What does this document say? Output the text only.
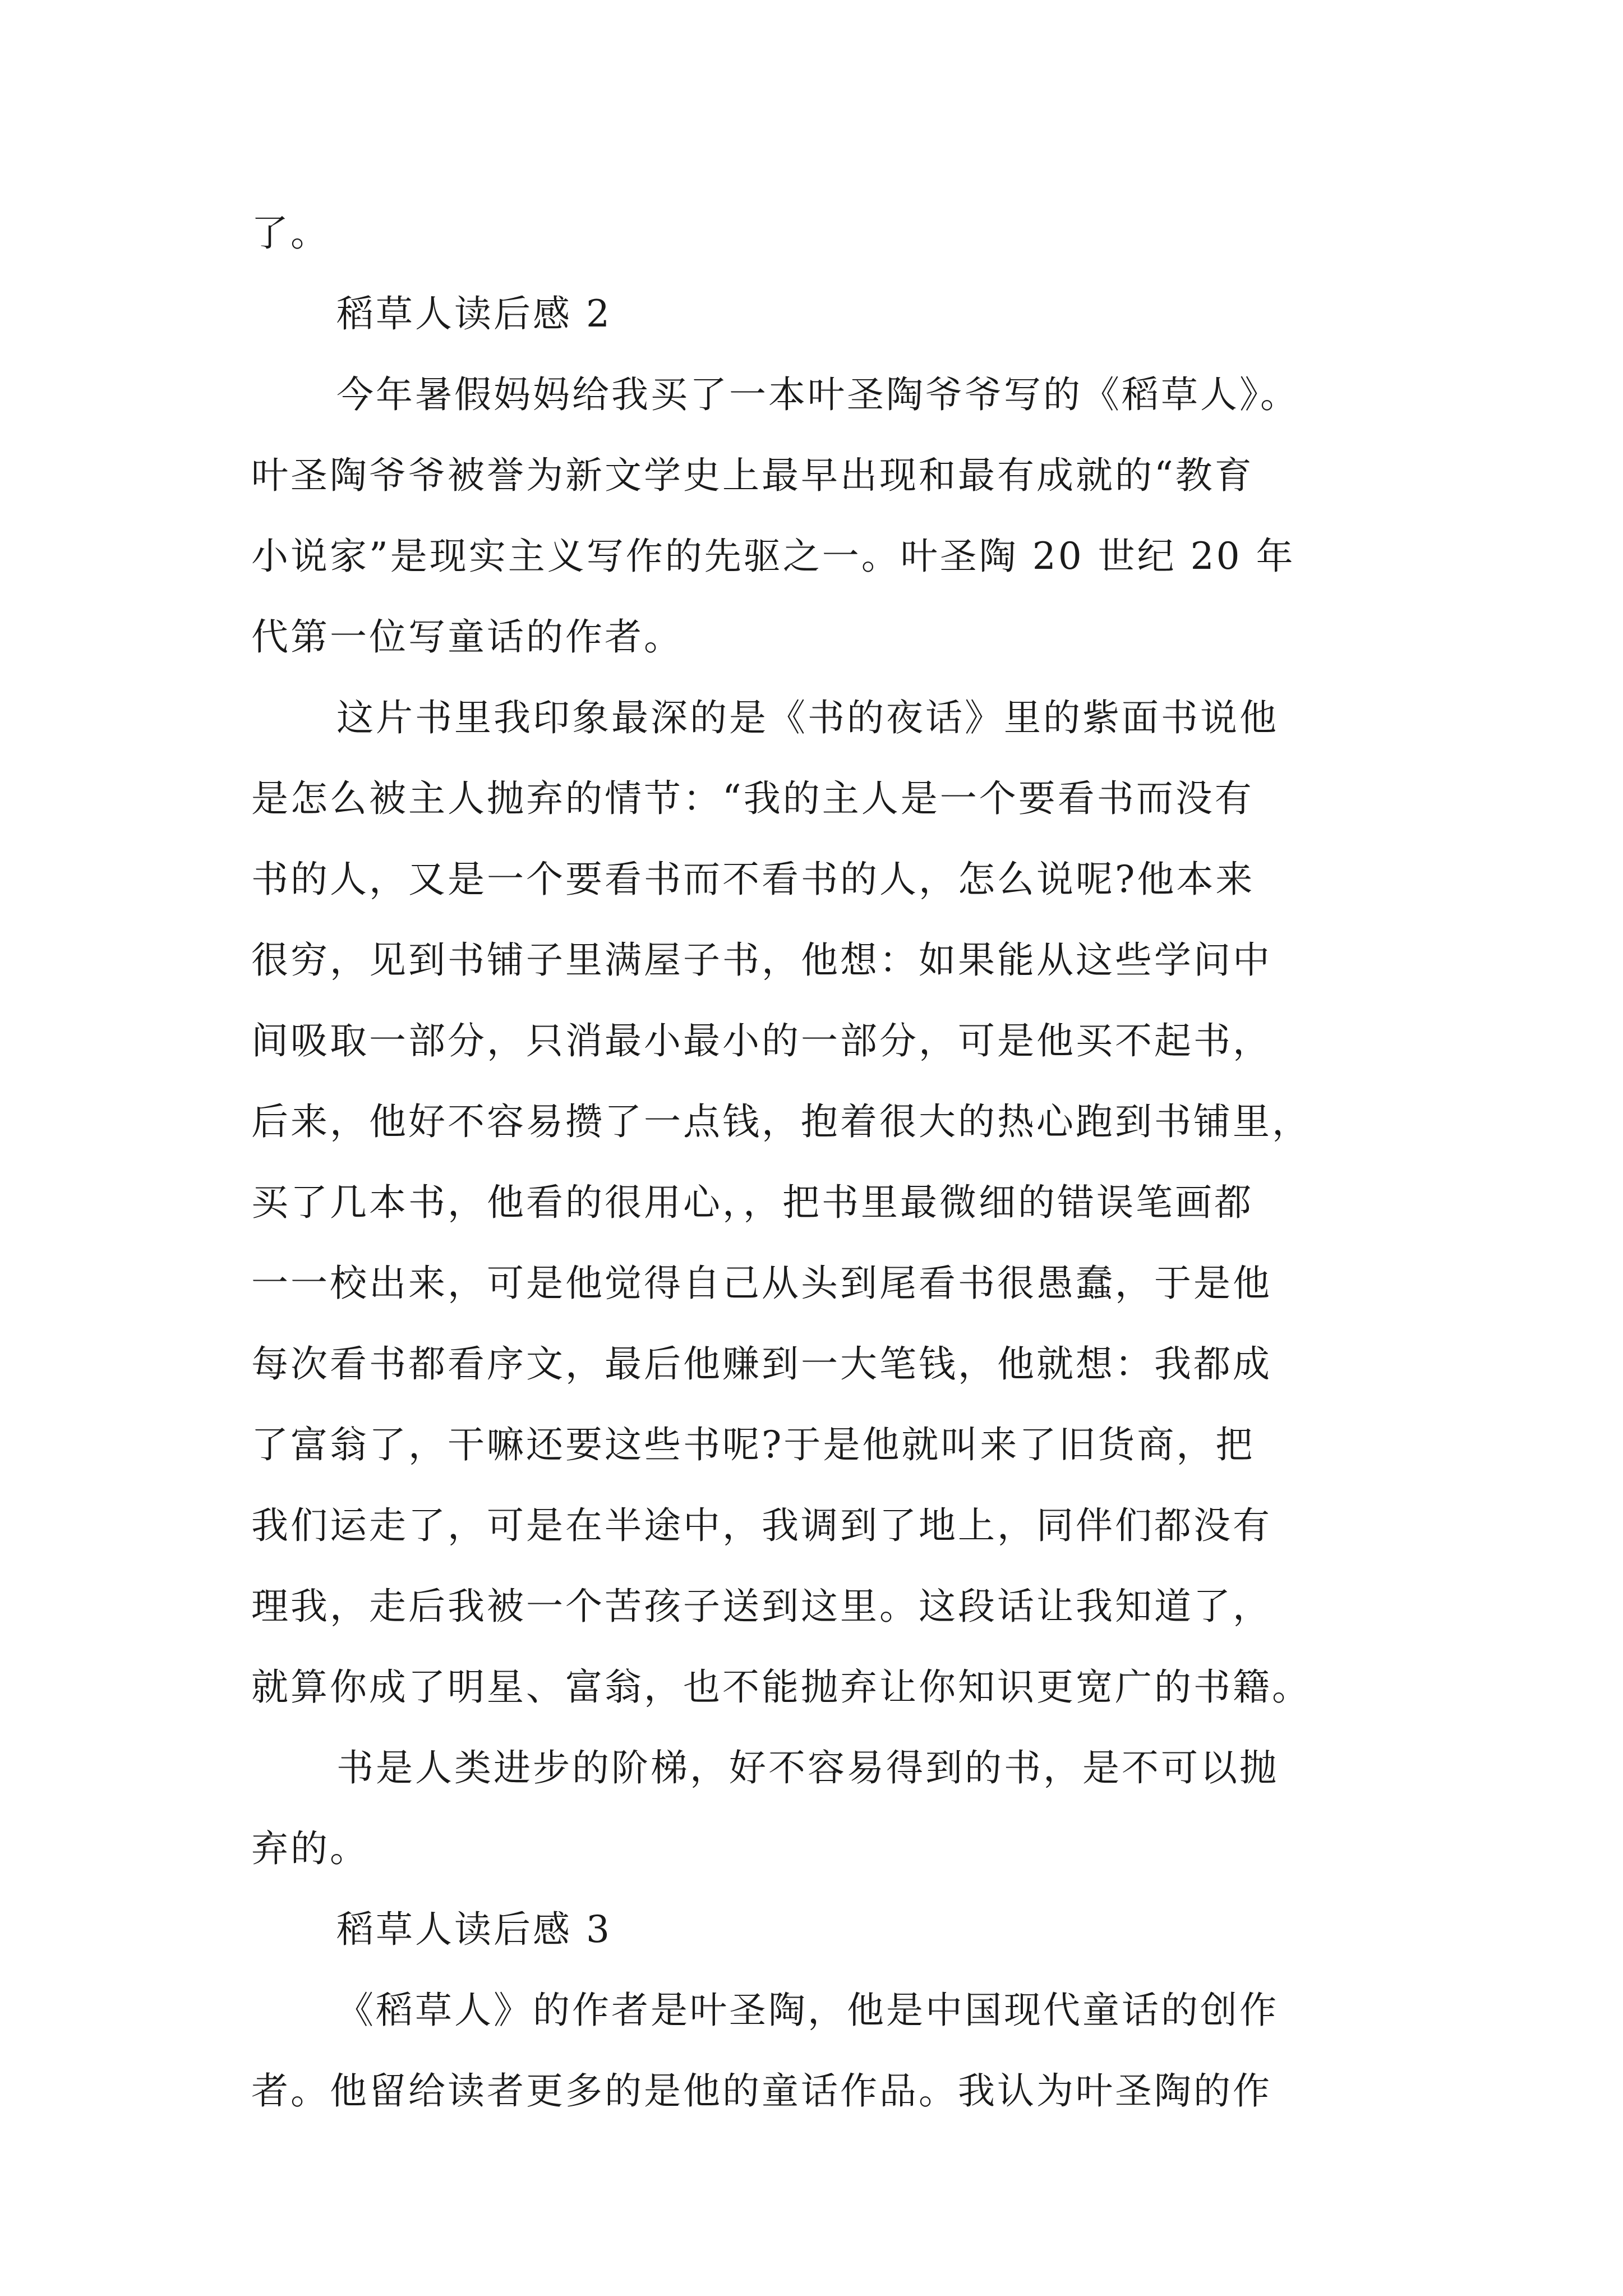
了。
稻草人读后感 2
今年暑假妈妈给我买了一本叶圣陶爷爷写的《稻草人》。
叶圣陶爷爷被誉为新文学史上最早出现和最有成就的“教育
小说家”是现实主义写作的先驱之一。叶圣陶 20 世纪 20 年
代第一位写童话的作者。
这片书里我印象最深的是《书的夜话》里的紫面书说他
是怎么被主人抛弃的情节：“我的主人是一个要看书而没有
书的人，又是一个要看书而不看书的人，怎么说呢?他本来
很穷，见到书铺子里满屋子书，他想：如果能从这些学问中
间吸取一部分，只消最小最小的一部分，可是他买不起书，
后来，他好不容易攒了一点钱，抱着很大的热心跑到书铺里，
买了几本书，他看的很用心，，把书里最微细的错误笔画都
一一校出来，可是他觉得自己从头到尾看书很愚蠢，于是他
每次看书都看序文，最后他赚到一大笔钱，他就想：我都成
了富翁了，干嘛还要这些书呢?于是他就叫来了旧货商，把
我们运走了，可是在半途中，我调到了地上，同伴们都没有
理我，走后我被一个苦孩子送到这里。这段话让我知道了，
就算你成了明星、富翁，也不能抛弃让你知识更宽广的书籍。
书是人类进步的阶梯，好不容易得到的书，是不可以抛
弃的。
稻草人读后感 3
《稻草人》的作者是叶圣陶，他是中国现代童话的创作
者。他留给读者更多的是他的童话作品。我认为叶圣陶的作
